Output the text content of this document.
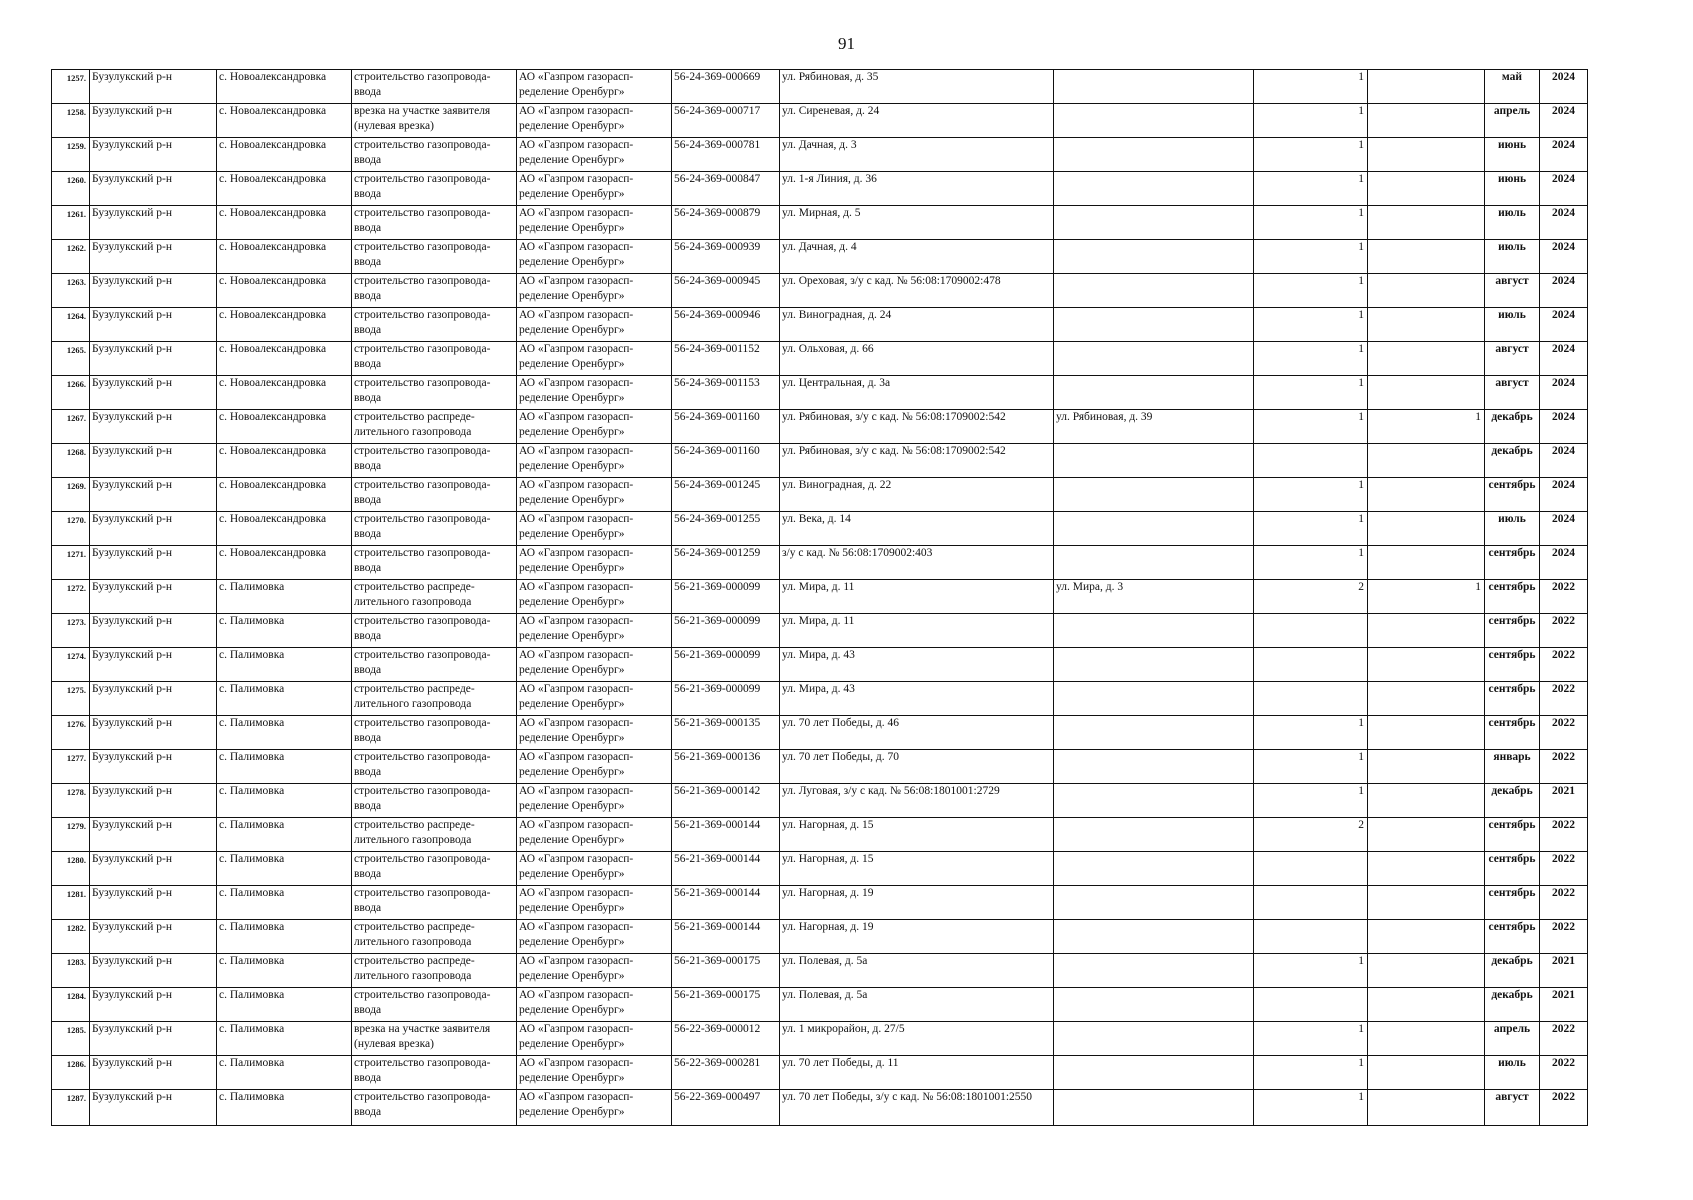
91
1257.	Бузулукский р-н	с. Новоалександровка	строительство газопровода-ввода	АО «Газпром газорасп-ределение Оренбург»	56-24-369-000669	ул. Рябиновая, д. 35		1		май	2024
1258.	Бузулукский р-н	с. Новоалександровка	врезка на участке заявителя (нулевая врезка)	АО «Газпром газорасп-ределение Оренбург»	56-24-369-000717	ул. Сиреневая, д. 24		1		апрель	2024
1259.	Бузулукский р-н	с. Новоалександровка	строительство газопровода-ввода	АО «Газпром газорасп-ределение Оренбург»	56-24-369-000781	ул. Дачная, д. 3		1		июнь	2024
1260.	Бузулукский р-н	с. Новоалександровка	строительство газопровода-ввода	АО «Газпром газорасп-ределение Оренбург»	56-24-369-000847	ул. 1-я Линия, д. 36		1		июнь	2024
1261.	Бузулукский р-н	с. Новоалександровка	строительство газопровода-ввода	АО «Газпром газорасп-ределение Оренбург»	56-24-369-000879	ул. Мирная, д. 5		1		июль	2024
1262.	Бузулукский р-н	с. Новоалександровка	строительство газопровода-ввода	АО «Газпром газорасп-ределение Оренбург»	56-24-369-000939	ул. Дачная, д. 4		1		июль	2024
1263.	Бузулукский р-н	с. Новоалександровка	строительство газопровода-ввода	АО «Газпром газорасп-ределение Оренбург»	56-24-369-000945	ул. Ореховая, з/у с кад. № 56:08:1709002:478		1		август	2024
1264.	Бузулукский р-н	с. Новоалександровка	строительство газопровода-ввода	АО «Газпром газорасп-ределение Оренбург»	56-24-369-000946	ул. Виноградная, д. 24		1		июль	2024
1265.	Бузулукский р-н	с. Новоалександровка	строительство газопровода-ввода	АО «Газпром газорасп-ределение Оренбург»	56-24-369-001152	ул. Ольховая, д. 66		1		август	2024
1266.	Бузулукский р-н	с. Новоалександровка	строительство газопровода-ввода	АО «Газпром газорасп-ределение Оренбург»	56-24-369-001153	ул. Центральная, д. 3а		1		август	2024
1267.	Бузулукский р-н	с. Новоалександровка	строительство распреде-лительного газопровода	АО «Газпром газорасп-ределение Оренбург»	56-24-369-001160	ул. Рябиновая, з/у с кад. № 56:08:1709002:542	ул. Рябиновая, д. 39	1	1	декабрь	2024
1268.	Бузулукский р-н	с. Новоалександровка	строительство газопровода-ввода	АО «Газпром газорасп-ределение Оренбург»	56-24-369-001160	ул. Рябиновая, з/у с кад. № 56:08:1709002:542				декабрь	2024
1269.	Бузулукский р-н	с. Новоалександровка	строительство газопровода-ввода	АО «Газпром газорасп-ределение Оренбург»	56-24-369-001245	ул. Виноградная, д. 22		1		сентябрь	2024
1270.	Бузулукский р-н	с. Новоалександровка	строительство газопровода-ввода	АО «Газпром газорасп-ределение Оренбург»	56-24-369-001255	ул. Века, д. 14		1		июль	2024
1271.	Бузулукский р-н	с. Новоалександровка	строительство газопровода-ввода	АО «Газпром газорасп-ределение Оренбург»	56-24-369-001259	з/у с кад. № 56:08:1709002:403		1		сентябрь	2024
1272.	Бузулукский р-н	с. Палимовка	строительство распреде-лительного газопровода	АО «Газпром газорасп-ределение Оренбург»	56-21-369-000099	ул. Мира, д. 11	ул. Мира, д. 3	2	1	сентябрь	2022
1273.	Бузулукский р-н	с. Палимовка	строительство газопровода-ввода	АО «Газпром газорасп-ределение Оренбург»	56-21-369-000099	ул. Мира, д. 11				сентябрь	2022
1274.	Бузулукский р-н	с. Палимовка	строительство газопровода-ввода	АО «Газпром газорасп-ределение Оренбург»	56-21-369-000099	ул. Мира, д. 43				сентябрь	2022
1275.	Бузулукский р-н	с. Палимовка	строительство распреде-лительного газопровода	АО «Газпром газорасп-ределение Оренбург»	56-21-369-000099	ул. Мира, д. 43				сентябрь	2022
1276.	Бузулукский р-н	с. Палимовка	строительство газопровода-ввода	АО «Газпром газорасп-ределение Оренбург»	56-21-369-000135	ул. 70 лет Победы, д. 46		1		сентябрь	2022
1277.	Бузулукский р-н	с. Палимовка	строительство газопровода-ввода	АО «Газпром газорасп-ределение Оренбург»	56-21-369-000136	ул. 70 лет Победы, д. 70		1		январь	2022
1278.	Бузулукский р-н	с. Палимовка	строительство газопровода-ввода	АО «Газпром газорасп-ределение Оренбург»	56-21-369-000142	ул. Луговая, з/у с кад. № 56:08:1801001:2729		1		декабрь	2021
1279.	Бузулукский р-н	с. Палимовка	строительство распреде-лительного газопровода	АО «Газпром газорасп-ределение Оренбург»	56-21-369-000144	ул. Нагорная, д. 15		2		сентябрь	2022
1280.	Бузулукский р-н	с. Палимовка	строительство газопровода-ввода	АО «Газпром газорасп-ределение Оренбург»	56-21-369-000144	ул. Нагорная, д. 15				сентябрь	2022
1281.	Бузулукский р-н	с. Палимовка	строительство газопровода-ввода	АО «Газпром газорасп-ределение Оренбург»	56-21-369-000144	ул. Нагорная, д. 19				сентябрь	2022
1282.	Бузулукский р-н	с. Палимовка	строительство распреде-лительного газопровода	АО «Газпром газорасп-ределение Оренбург»	56-21-369-000144	ул. Нагорная, д. 19				сентябрь	2022
1283.	Бузулукский р-н	с. Палимовка	строительство распреде-лительного газопровода	АО «Газпром газорасп-ределение Оренбург»	56-21-369-000175	ул. Полевая, д. 5а		1		декабрь	2021
1284.	Бузулукский р-н	с. Палимовка	строительство газопровода-ввода	АО «Газпром газорасп-ределение Оренбург»	56-21-369-000175	ул. Полевая, д. 5а				декабрь	2021
1285.	Бузулукский р-н	с. Палимовка	врезка на участке заявителя (нулевая врезка)	АО «Газпром газорасп-ределение Оренбург»	56-22-369-000012	ул. 1 микрорайон, д. 27/5		1		апрель	2022
1286.	Бузулукский р-н	с. Палимовка	строительство газопровода-ввода	АО «Газпром газорасп-ределение Оренбург»	56-22-369-000281	ул. 70 лет Победы, д. 11		1		июль	2022
1287.	Бузулукский р-н	с. Палимовка	строительство газопровода-ввода	АО «Газпром газорасп-ределение Оренбург»	56-22-369-000497	ул. 70 лет Победы, з/у с кад. № 56:08:1801001:2550		1		август	2022
